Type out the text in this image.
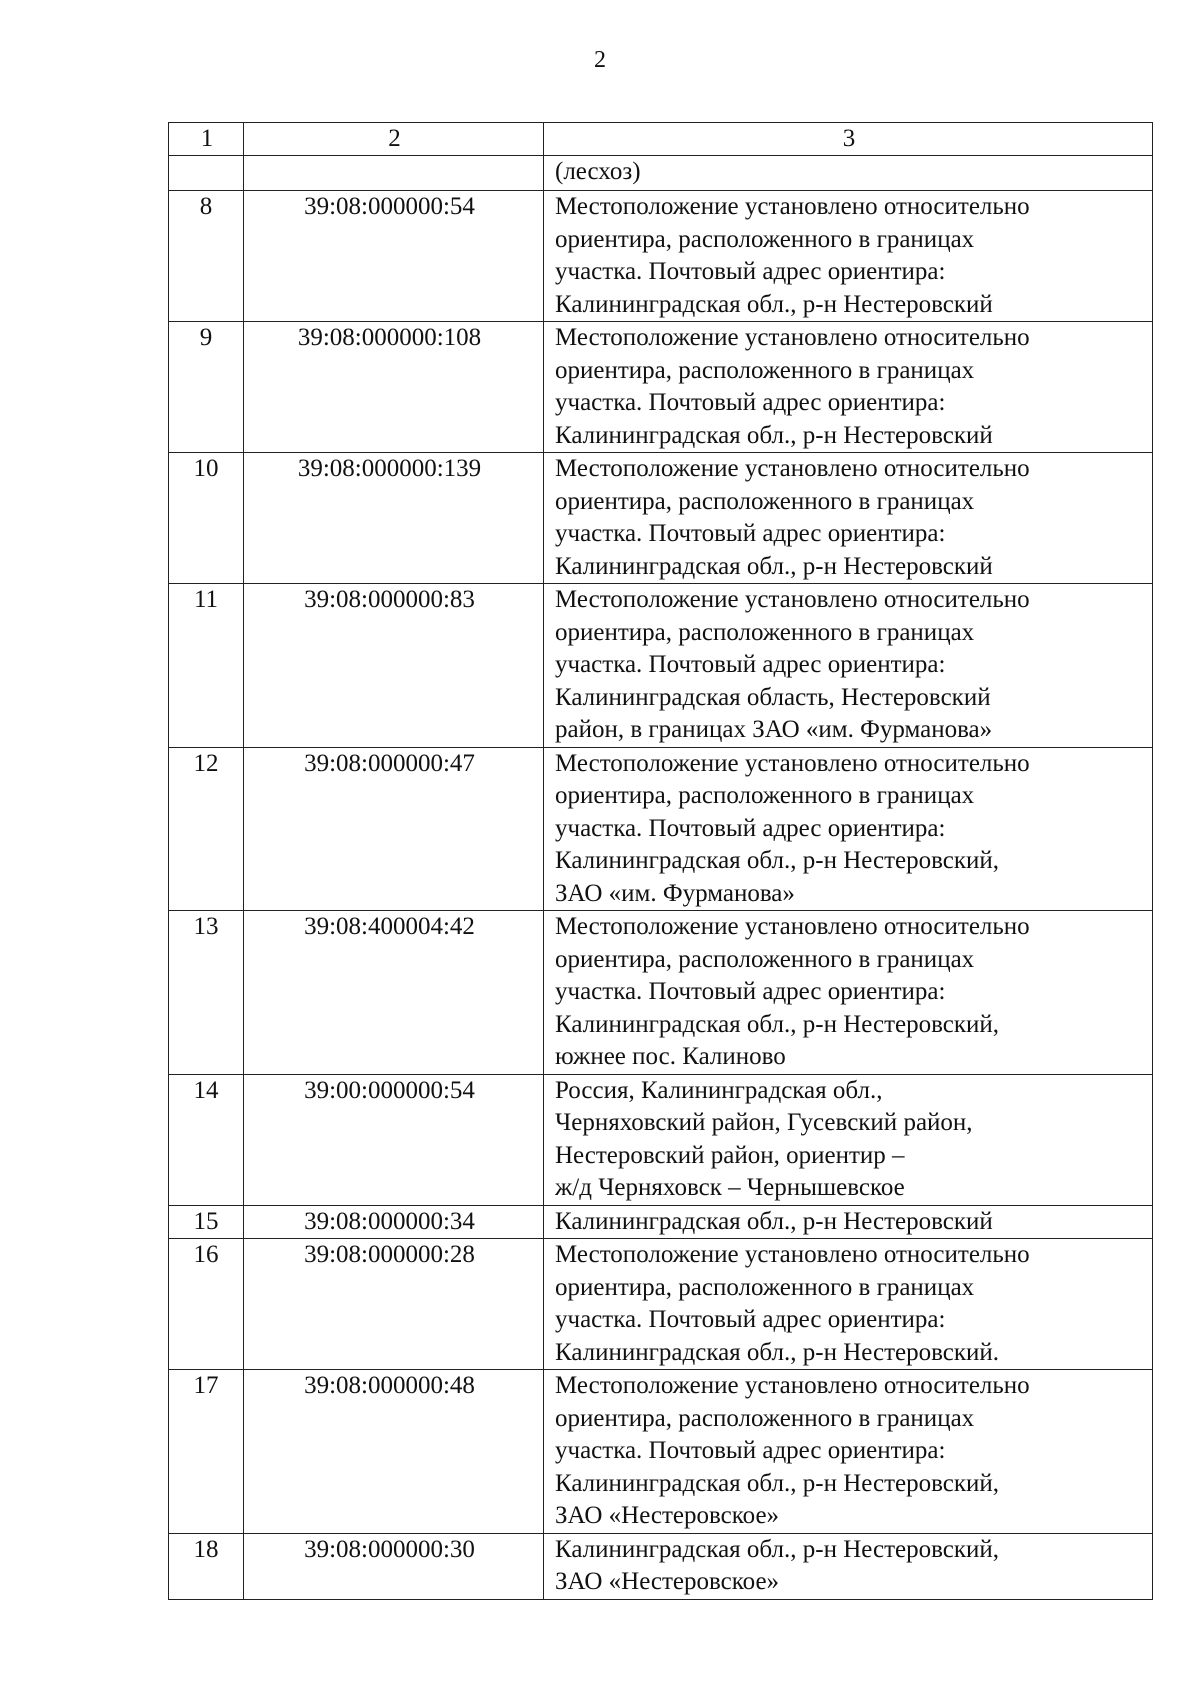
2
1	2	3
		(лесхоз)
8	39:08:000000:54	Местоположение установлено относительно
ориентира, расположенного в границах
участка. Почтовый адрес ориентира:
Калининградская обл., р-н Нестеровский
9	39:08:000000:108	Местоположение установлено относительно
ориентира, расположенного в границах
участка. Почтовый адрес ориентира:
Калининградская обл., р-н Нестеровский
10	39:08:000000:139	Местоположение установлено относительно
ориентира, расположенного в границах
участка. Почтовый адрес ориентира:
Калининградская обл., р-н Нестеровский
11	39:08:000000:83	Местоположение установлено относительно
ориентира, расположенного в границах
участка. Почтовый адрес ориентира:
Калининградская область, Нестеровский
район, в границах ЗАО «им. Фурманова»
12	39:08:000000:47	Местоположение установлено относительно
ориентира, расположенного в границах
участка. Почтовый адрес ориентира:
Калининградская обл., р-н Нестеровский,
ЗАО «им. Фурманова»
13	39:08:400004:42	Местоположение установлено относительно
ориентира, расположенного в границах
участка. Почтовый адрес ориентира:
Калининградская обл., р-н Нестеровский,
южнее пос. Калиново
14	39:00:000000:54	Россия, Калининградская обл.,
Черняховский район, Гусевский район,
Нестеровский район, ориентир –
ж/д Черняховск – Чернышевское
15	39:08:000000:34	Калининградская обл., р-н Нестеровский
16	39:08:000000:28	Местоположение установлено относительно
ориентира, расположенного в границах
участка. Почтовый адрес ориентира:
Калининградская обл., р-н Нестеровский.
17	39:08:000000:48	Местоположение установлено относительно
ориентира, расположенного в границах
участка. Почтовый адрес ориентира:
Калининградская обл., р-н Нестеровский,
ЗАО «Нестеровское»
18	39:08:000000:30	Калининградская обл., р-н Нестеровский,
ЗАО «Нестеровское»
